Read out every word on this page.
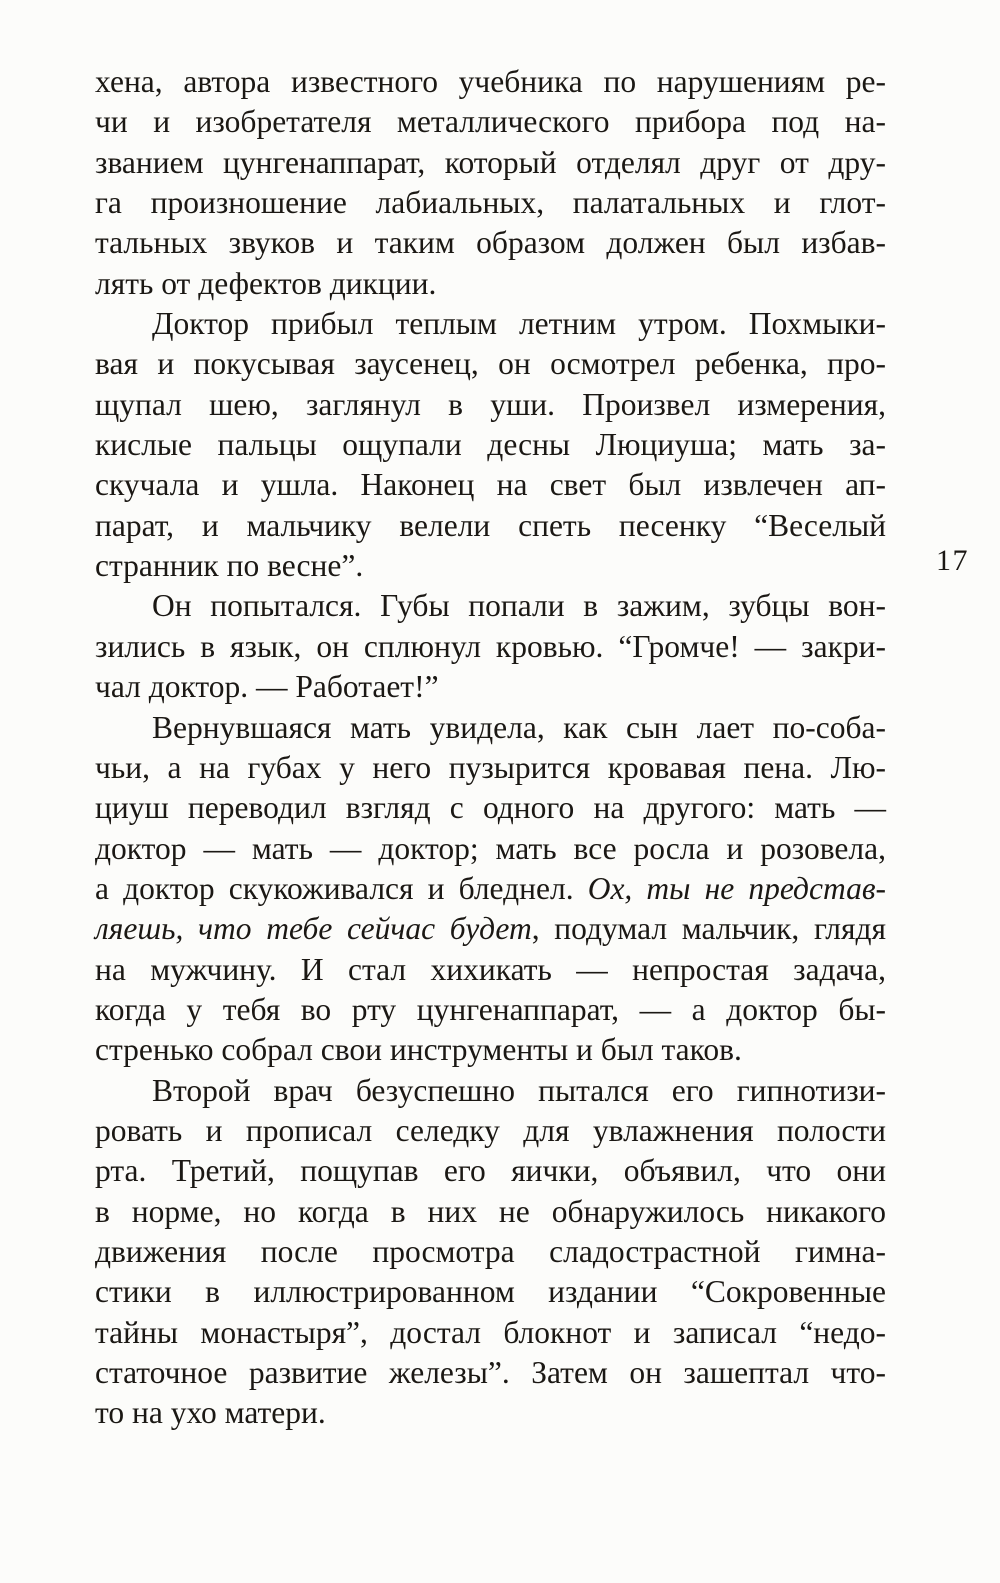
хена, автора известного учебника по нарушениям ре-
чи и изобретателя металлического прибора под на-
званием цунгенаппарат, который отделял друг от дру-
га произношение лабиальных, палатальных и глот-
тальных звуков и таким образом должен был избав-
лять от дефектов дикции.
Доктор прибыл теплым летним утром. Похмыки-
вая и покусывая заусенец, он осмотрел ребенка, про-
щупал шею, заглянул в уши. Произвел измерения,
кислые пальцы ощупали десны Люциуша; мать за-
скучала и ушла. Наконец на свет был извлечен ап-
парат, и мальчику велели спеть песенку “Веселый
странник по весне”.
Он попытался. Губы попали в зажим, зубцы вон-
зились в язык, он сплюнул кровью. “Громче! — закри-
чал доктор. — Работает!”
Вернувшаяся мать увидела, как сын лает по-соба-
чьи, а на губах у него пузырится кровавая пена. Лю-
циуш переводил взгляд с одного на другого: мать —
доктор — мать — доктор; мать все росла и розовела,
а доктор скукоживался и бледнел. Ох, ты не представ-
ляешь, что тебе сейчас будет, подумал мальчик, глядя
на мужчину. И стал хихикать — непростая задача,
когда у тебя во рту цунгенаппарат, — а доктор бы-
стренько собрал свои инструменты и был таков.
Второй врач безуспешно пытался его гипнотизи-
ровать и прописал селедку для увлажнения полости
рта. Третий, пощупав его яички, объявил, что они
в норме, но когда в них не обнаружилось никакого
движения после просмотра сладострастной гимна-
стики в иллюстрированном издании “Сокровенные
тайны монастыря”, достал блокнот и записал “недо-
статочное развитие железы”. Затем он зашептал что-
то на ухо матери.
17
